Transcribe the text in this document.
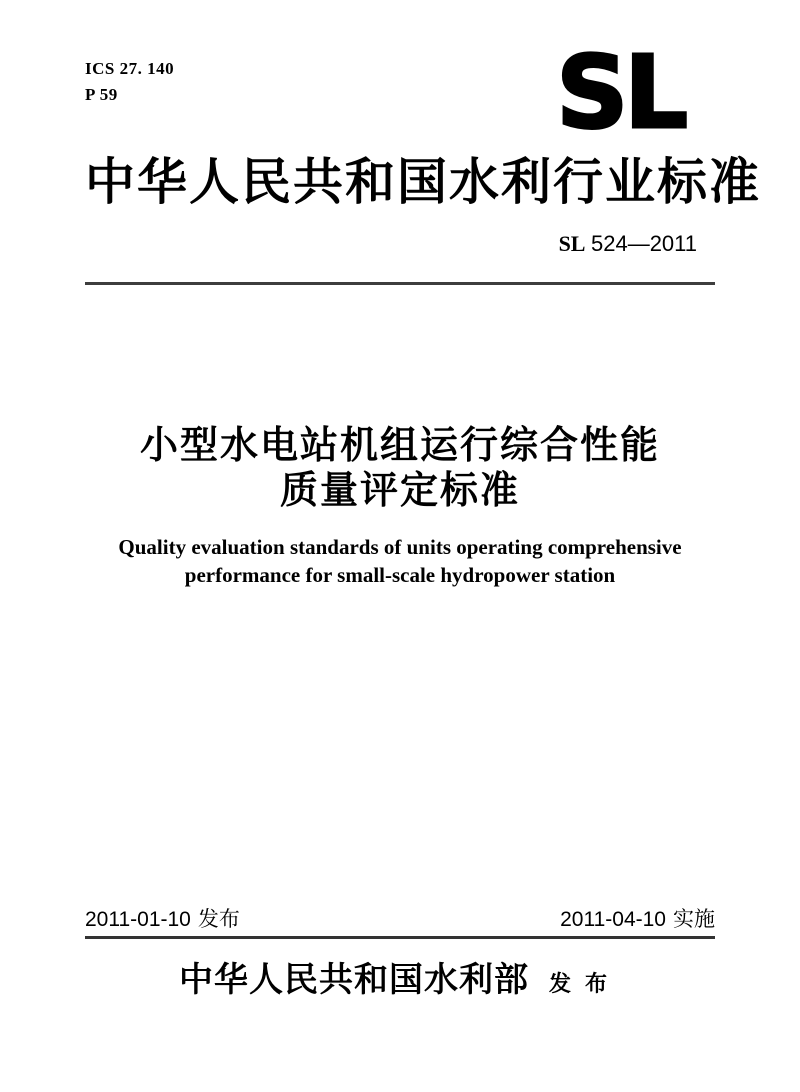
ICS 27. 140
P 59	SL
中华人民共和国水利行业标准
SL 524—2011
小型水电站机组运行综合性能
质量评定标准
Quality evaluation standards of units operating comprehensive
performance for small-scale hydropower station
2011-01-10 发布	2011-04-10 实施
中华人民共和国水利部 发布
